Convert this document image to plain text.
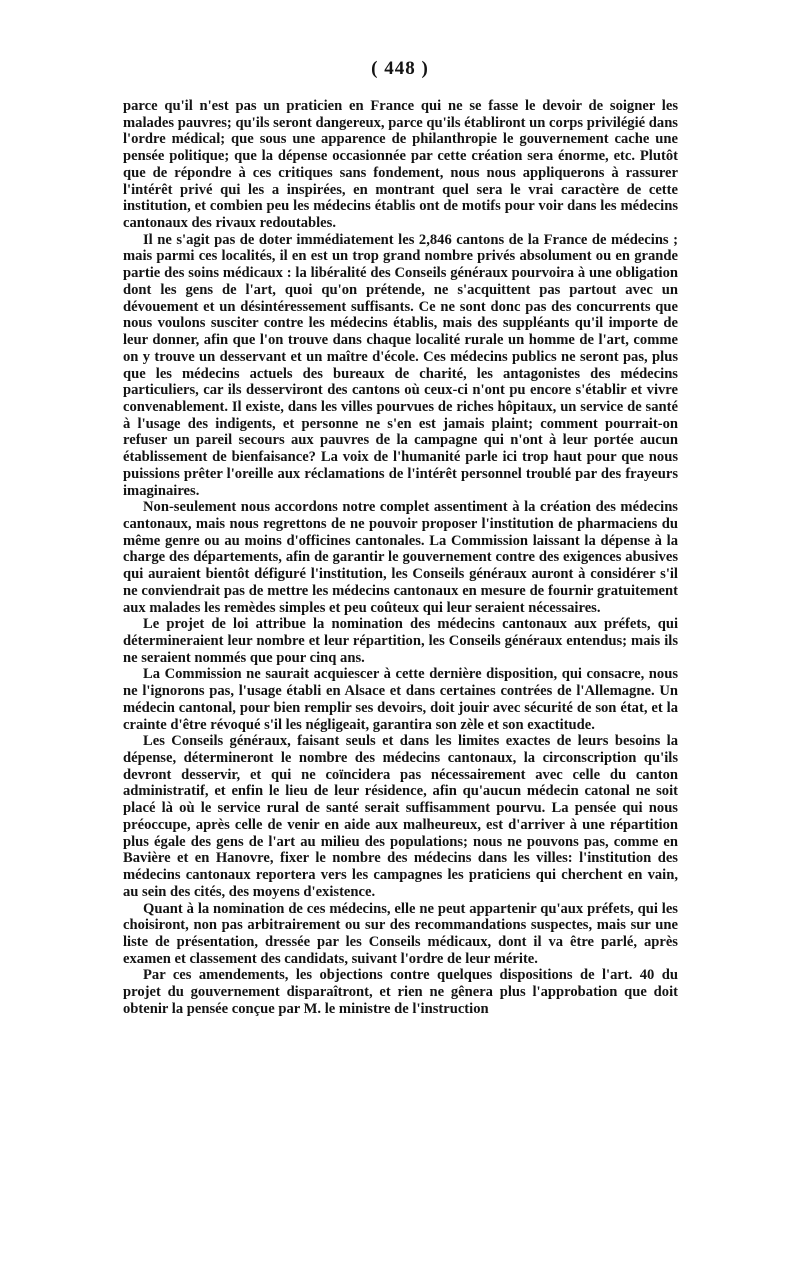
( 448 )

parce qu'il n'est pas un praticien en France qui ne se fasse le devoir de soigner les malades pauvres; qu'ils seront dangereux, parce qu'ils établiront un corps privilégié dans l'ordre médical; que sous une apparence de philanthropie le gouvernement cache une pensée politique; que la dépense occasionnée par cette création sera énorme, etc. Plutôt que de répondre à ces critiques sans fondement, nous nous appliquerons à rassurer l'intérêt privé qui les a inspirées, en montrant quel sera le vrai caractère de cette institution, et combien peu les médecins établis ont de motifs pour voir dans les médecins cantonaux des rivaux redoutables.

Il ne s'agit pas de doter immédiatement les 2,846 cantons de la France de médecins ; mais parmi ces localités, il en est un trop grand nombre privés absolument ou en grande partie des soins médicaux : la libéralité des Conseils généraux pourvoira à une obligation dont les gens de l'art, quoi qu'on prétende, ne s'acquittent pas partout avec un dévouement et un désintéressement suffisants. Ce ne sont donc pas des concurrents que nous voulons susciter contre les médecins établis, mais des suppléants qu'il importe de leur donner, afin que l'on trouve dans chaque localité rurale un homme de l'art, comme on y trouve un desservant et un maître d'école. Ces médecins publics ne seront pas, plus que les médecins actuels des bureaux de charité, les antagonistes des médecins particuliers, car ils desserviront des cantons où ceux-ci n'ont pu encore s'établir et vivre convenablement. Il existe, dans les villes pourvues de riches hôpitaux, un service de santé à l'usage des indigents, et personne ne s'en est jamais plaint; comment pourrait-on refuser un pareil secours aux pauvres de la campagne qui n'ont à leur portée aucun établissement de bienfaisance? La voix de l'humanité parle ici trop haut pour que nous puissions prêter l'oreille aux réclamations de l'intérêt personnel troublé par des frayeurs imaginaires.

Non-seulement nous accordons notre complet assentiment à la création des médecins cantonaux, mais nous regrettons de ne pouvoir proposer l'institution de pharmaciens du même genre ou au moins d'officines cantonales. La Commission laissant la dépense à la charge des départements, afin de garantir le gouvernement contre des exigences abusives qui auraient bientôt défiguré l'institution, les Conseils généraux auront à considérer s'il ne conviendrait pas de mettre les médecins cantonaux en mesure de fournir gratuitement aux malades les remèdes simples et peu coûteux qui leur seraient nécessaires.

Le projet de loi attribue la nomination des médecins cantonaux aux préfets, qui détermineraient leur nombre et leur répartition, les Conseils généraux entendus; mais ils ne seraient nommés que pour cinq ans.

La Commission ne saurait acquiescer à cette dernière disposition, qui consacre, nous ne l'ignorons pas, l'usage établi en Alsace et dans certaines contrées de l'Allemagne. Un médecin cantonal, pour bien remplir ses devoirs, doit jouir avec sécurité de son état, et la crainte d'être révoqué s'il les négligeait, garantira son zèle et son exactitude.

Les Conseils généraux, faisant seuls et dans les limites exactes de leurs besoins la dépense, détermineront le nombre des médecins cantonaux, la circonscription qu'ils devront desservir, et qui ne coïncidera pas nécessairement avec celle du canton administratif, et enfin le lieu de leur résidence, afin qu'aucun médecin catonal ne soit placé là où le service rural de santé serait suffisamment pourvu. La pensée qui nous préoccupe, après celle de venir en aide aux malheureux, est d'arriver à une répartition plus égale des gens de l'art au milieu des populations; nous ne pouvons pas, comme en Bavière et en Hanovre, fixer le nombre des médecins dans les villes: l'institution des médecins cantonaux reportera vers les campagnes les praticiens qui cherchent en vain, au sein des cités, des moyens d'existence.

Quant à la nomination de ces médecins, elle ne peut appartenir qu'aux préfets, qui les choisiront, non pas arbitrairement ou sur des recommandations suspectes, mais sur une liste de présentation, dressée par les Conseils médicaux, dont il va être parlé, après examen et classement des candidats, suivant l'ordre de leur mérite.

Par ces amendements, les objections contre quelques dispositions de l'art. 40 du projet du gouvernement disparaîtront, et rien ne gênera plus l'approbation que doit obtenir la pensée conçue par M. le ministre de l'instruction
